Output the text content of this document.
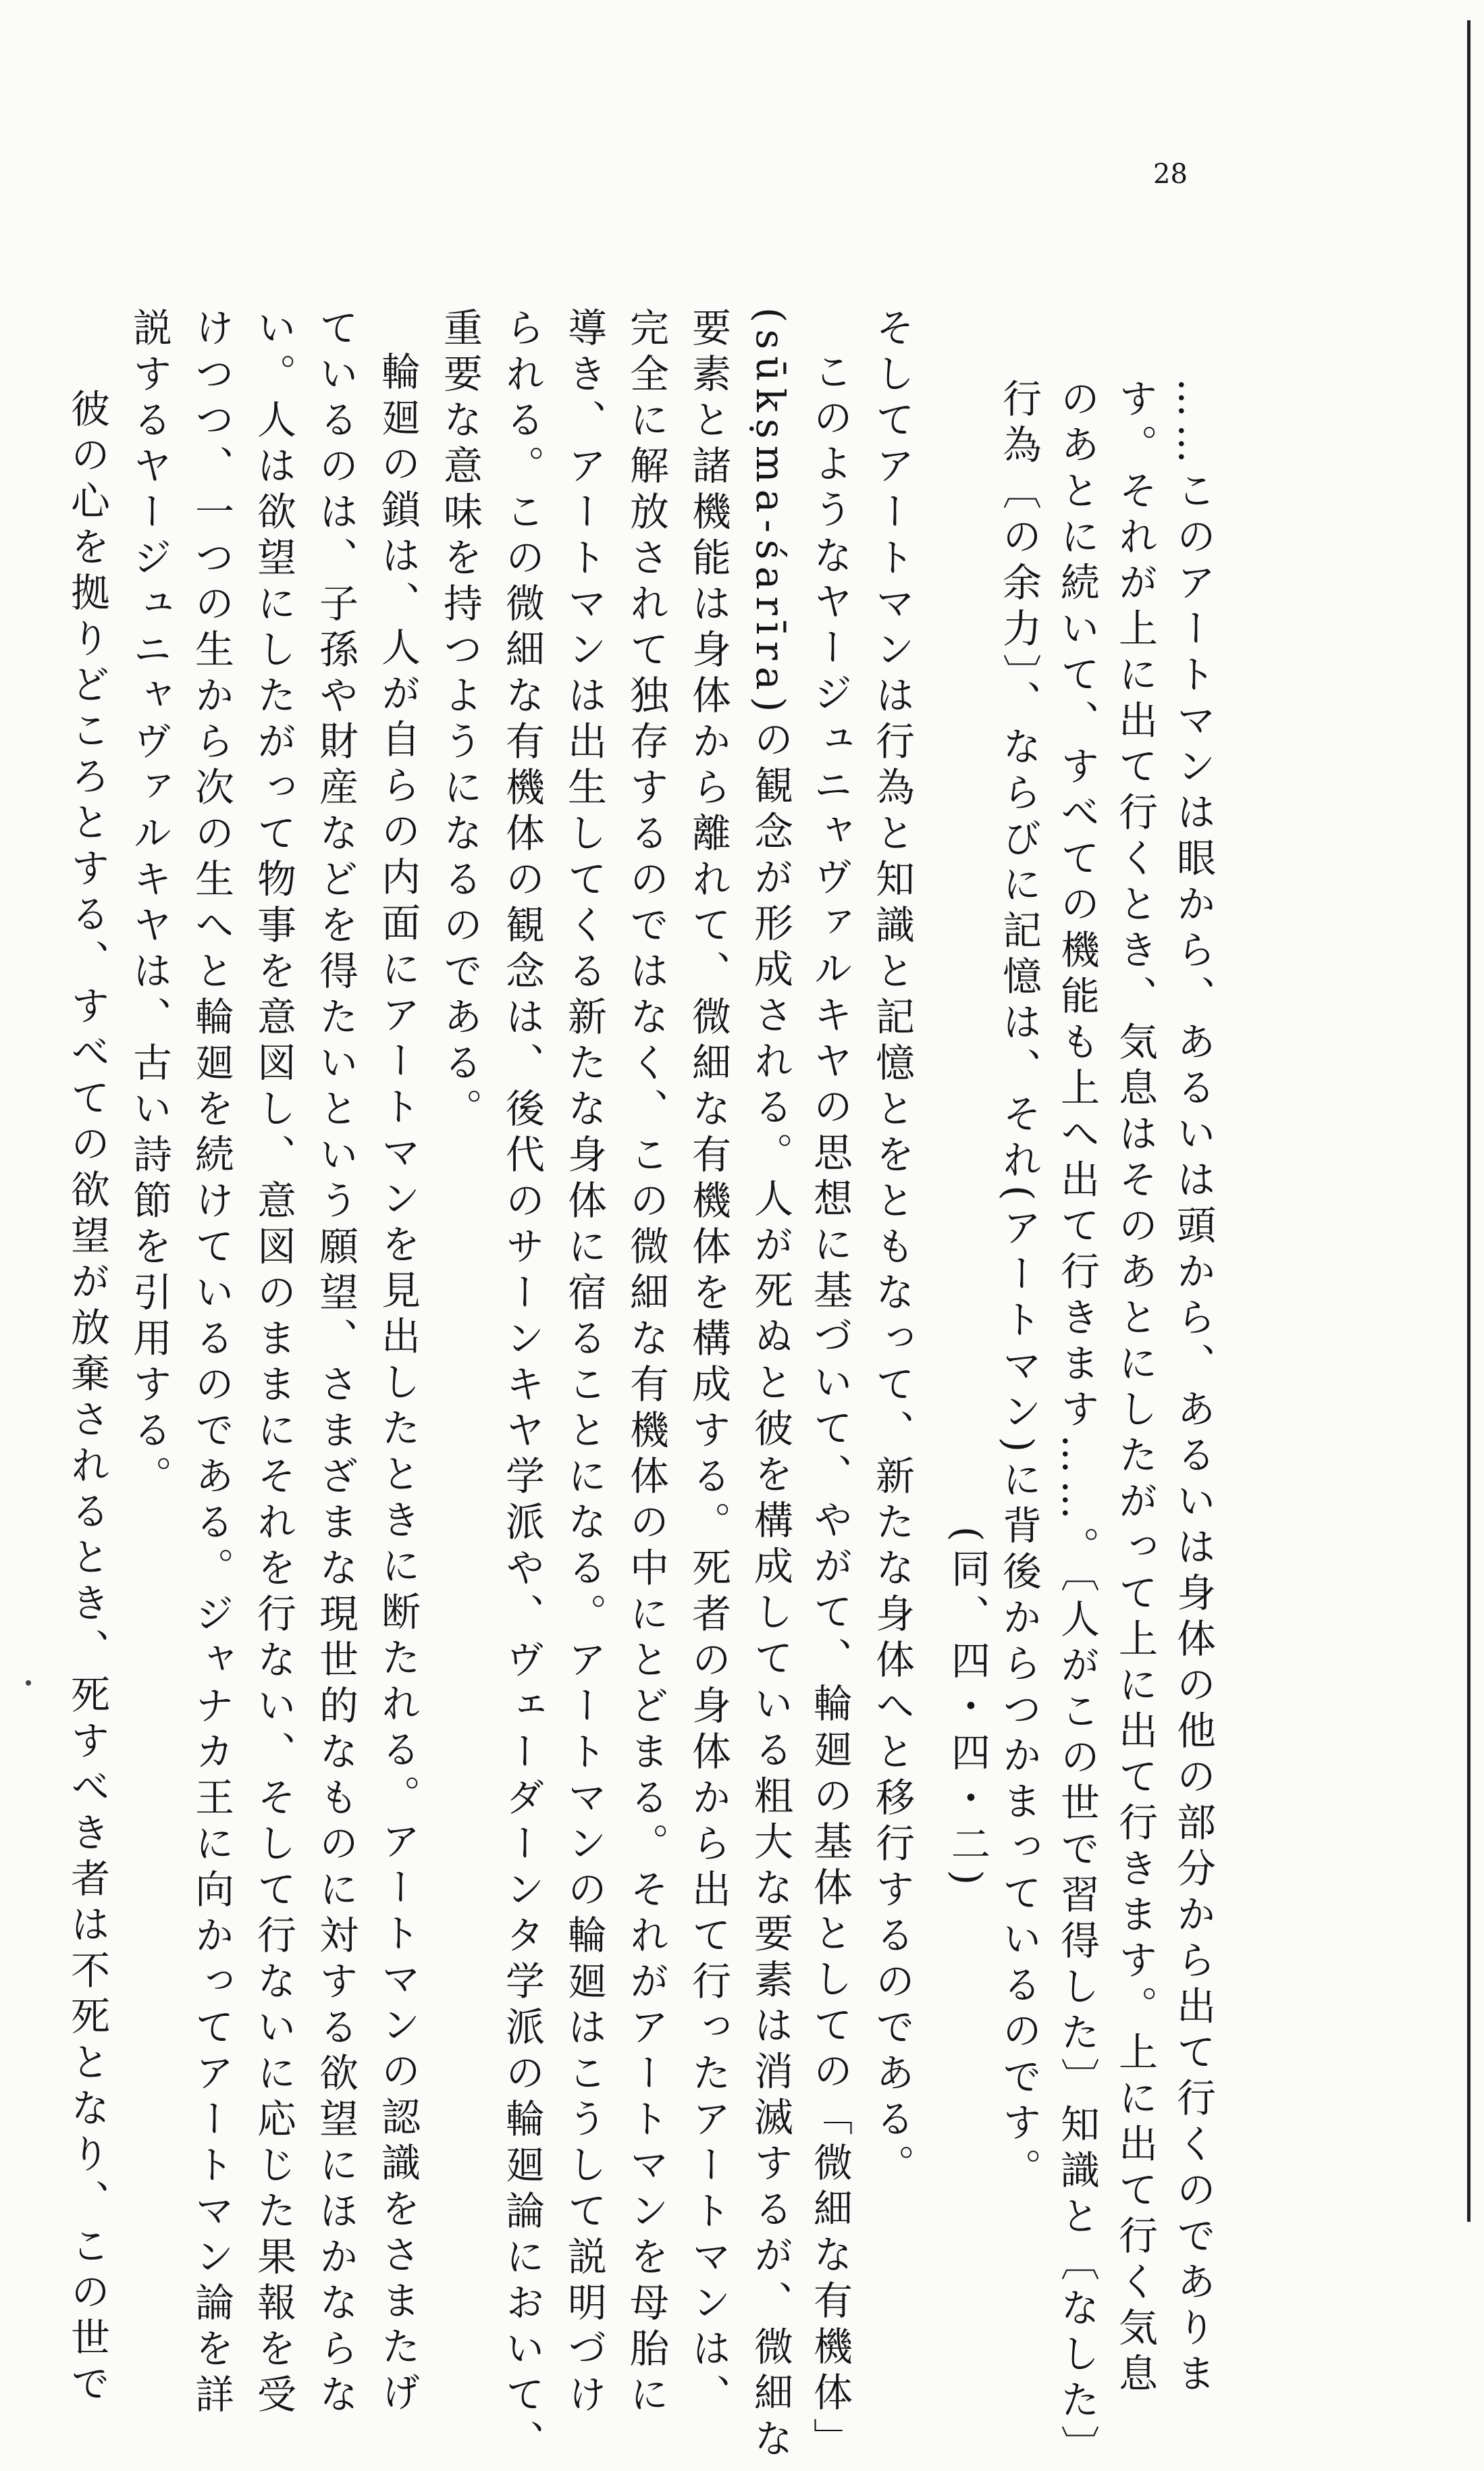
28
……このアートマンは眼から、あるいは頭から、あるいは身体の他の部分から出て行くのでありま
す。それが上に出て行くとき、気息はそのあとにしたがって上に出て行きます。上に出て行く気息
のあとに続いて、すべての機能も上へ出て行きます……。〔人がこの世で習得した〕知識と〔なした〕
行為〔の余力〕、ならびに記憶は、それ(アートマン)に背後からつかまっているのです。
(同、四・四・二)
そしてアートマンは行為と知識と記憶とをともなって、新たな身体へと移行するのである。
このようなヤージュニャヴァルキヤの思想に基づいて、やがて、輪廻の基体としての「微細な有機体」
(sūkṣma-śarīra)の観念が形成される。人が死ぬと彼を構成している粗大な要素は消滅するが、微細な
要素と諸機能は身体から離れて、微細な有機体を構成する。死者の身体から出て行ったアートマンは、
完全に解放されて独存するのではなく、この微細な有機体の中にとどまる。それがアートマンを母胎に
導き、アートマンは出生してくる新たな身体に宿ることになる。アートマンの輪廻はこうして説明づけ
られる。この微細な有機体の観念は、後代のサーンキヤ学派や、ヴェーダーンタ学派の輪廻論において、
重要な意味を持つようになるのである。
輪廻の鎖は、人が自らの内面にアートマンを見出したときに断たれる。アートマンの認識をさまたげ
ているのは、子孫や財産などを得たいという願望、さまざまな現世的なものに対する欲望にほかならな
い。人は欲望にしたがって物事を意図し、意図のままにそれを行ない、そして行ないに応じた果報を受
けつつ、一つの生から次の生へと輪廻を続けているのである。ジャナカ王に向かってアートマン論を詳
説するヤージュニャヴァルキヤは、古い詩節を引用する。
彼の心を拠りどころとする、すべての欲望が放棄されるとき、死すべき者は不死となり、この世で
